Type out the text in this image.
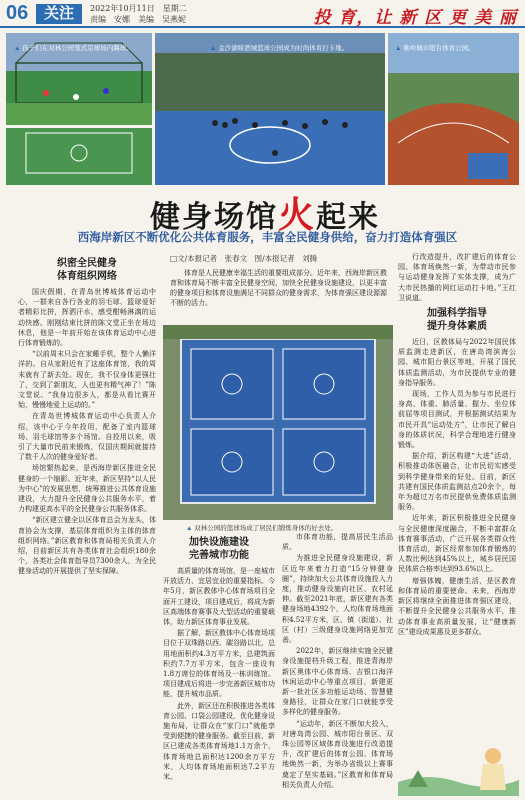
06	关注	2022年10月11日　星期二
责编　安娜　美编　吴燕妮	投 育，让 新 区 更 美 丽
▲ 孩子们在双林公园笼式足球场内踢球。	▲ 金沙湖咪酒城篮球公园成为时尚体育打卡地。	▲ 姚岭城市阳台体育公园。
健身场馆火起来
西海岸新区不断优化公共体育服务，丰富全民健身供给，奋力打造体育强区
□文/本报记者　张春文　图/本报记者　刘腾
体育是人民健康幸福生活的重要组成部分。近年来，西海岸新区教育和体育局不断丰富全民健身空间，加快全民健身设施建设，以更丰富的健身项目和体育设施满足不同群众的健身需求，为体育强区建设源源不断的活力。
▲ 双林公园的篮球场成了居民们锻炼身体的好去处。
织密全民健身
体育组织网络

国庆假期，在青岛世博城体育运动中心，一群来自各行各业的羽毛球、篮球爱好者精彩比拼，挥洒汗水，感受酣畅淋漓的运动快感。刚刚结束比拼的陈文堂正坐在场边休息，他是一年前开始在该体育运动中心进行体育锻炼的。

“以前周末只会在家睡手机，整个人懒洋洋的。自从家附近有了这座体育馆，我的周末就有了新去处。现在，我不仅身体更强壮了，交到了新朋友，人也更有精气神了！”陈文堂说。“我身边很多人，都是从看比赛开始，慢慢地爱上运动的。”

在青岛世博城体育运动中心负责人介绍，该中心于今年投用，配备了室内篮球场、羽毛球馆等多个场馆。自投用以来，吸引了大量市民前来锻炼，仅国庆期间就接待了数千人次的健身爱好者。

场馆繁热起来，是西海岸新区推进全民健身的一个缩影。近年来，新区坚持“以人民为中心”的发展思想，统筹推进公共体育设施建设，大力提升全民健身公共服务水平，着力构建更高水平的全民健身公共服务体系。

“新区建立健全以区体育总会为龙头，体育协会为支撑，基层体育组织为主体的体育组织网络。”新区教育和体育局相关负责人介绍，目前新区共有各类体育社会组织180余个，各类社会体育指导员7300余人，为全民健身活动的开展提供了坚实保障。

加快设施建设
完善城市功能

高质量的体育场馆，是一座城市开放活力、宜居宜业的重要指标。今年5月，新区教体中心体育场项目全面开工建设，项目建成后，将成为新区高端体育赛事及大型活动的重要载体，助力新区体育事业发展。

据了解，新区教体中心体育场项目位于双珠路以西、碳谷路以北，总用地面积约4.3万平方米，总建筑面积约7.7万平方米，包含一座设有1.8万席位的体育场及一栋训练馆。项目建成后将进一步完善新区城市功能，提升城市品质。

此外，新区还在积极推进各类体育公园、口袋公园建设，优化健身设施布局，让群众在“家门口”就能享受到便捷的健身服务。截至目前，新区已建成各类体育场地1.1万余个，体育场地总面积达1200余万平方米，人均体育场地面积达7.2平方米。

市体育功能，提高居民生活品质。

为推进全民健身设施建设，新区近年来着力打造“15分钟健身圈”，持续加大公共体育设施投入力度，推动健身设施向社区、农村延伸。截至2021年底，新区建有各类健身场地4392个，人均体育场地面积4.52平方米，区、镇（街道）、社区（村）三级健身设施网络更加完善。

2022年，新区继续实施全民健身设施提档升级工程，推进青海岸新区奥体中心体育场、吉银口海洋休闲运动中心等重点项目，新建更新一批社区多功能运动场、智慧健身路径，让群众在家门口就能享受多样化的健身服务。

“运动年，新区不断加大投入，对唐岛湾公园、城市阳台景区、双珠公园等区域体育设施进行改造提升，改扩建后的体育公园、体育场地焕然一新，为举办省级以上赛事奠定了坚实基础。”区教育和体育局相关负责人介绍。

行改造提升，改扩建后的体育公园、体育场焕然一新，为带动市民参与运动健身发挥了实体支撑，成为广大市民热播的网红运动打卡地。”王红卫说道。

加强科学指导
提升身体素质

近日，区教体局与2022年国民体质监测走进新区，在唐岛湾滨海公园、城市阳台景区等地，开展了国民体质监测活动，为市民提供专业的健身指导服务。

现场，工作人员为参与市民进行身高、体重、肺活量、握力、坐位体前屈等项目测试，并根据测试结果为市民开具“运动处方”，让市民了解自身的体质状况，科学合理地进行健身锻炼。

据介绍，新区构建“大进”活动，积极推动体医融合，让市民切实感受到科学健身带来的好处。目前，新区共建有国民体质监测站点20余个，每年为超过万名市民提供免费体质监测服务。

近年来，新区积极推进全民健身与全民健康深度融合，不断丰富群众体育赛事活动，广泛开展各类群众性体育活动，新区经常参加体育锻炼的人数比例达到45%以上，城乡居民国民体质合格率达到93.6%以上。

增强体魄，健康生活，是区教育和体育局的重要使命。未来，西海岸新区将继续全面推进体育强区建设，不断提升全民健身公共服务水平，推动体育事业高质量发展，让“健康新区”建设成果惠及更多群众。
